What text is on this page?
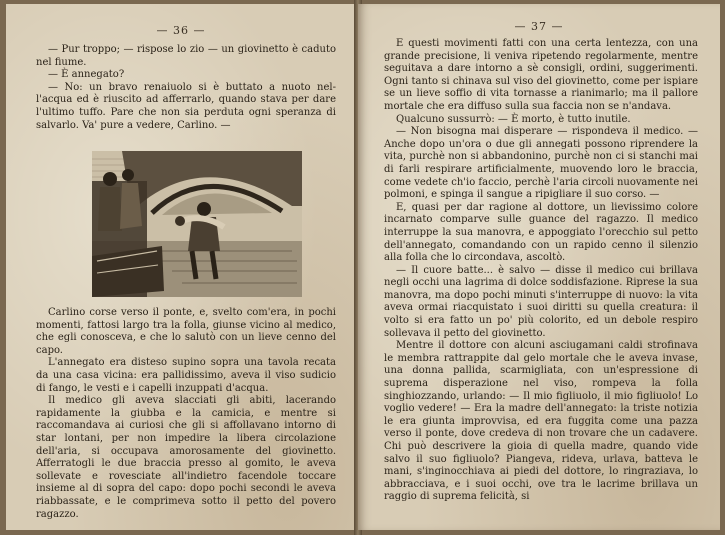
— 36 —

— Pur troppo; — rispose lo zio — un giovinetto è caduto nel fiume.

— È annegato?

— No: un bravo renaiuolo si è buttato a nuoto nel- l'acqua ed è riuscito ad afferrarlo, quando stava per dare l'ultimo tuffo. Pare che non sia perduta ogni speranza di salvarlo. Va' pure a vedere, Carlino. —

Carlino corse verso il ponte, e, svelto com'era, in pochi momenti, fattosi largo tra la folla, giunse vicino al medico, che egli conosceva, e che lo salutò con un lieve cenno del capo.

L'annegato era disteso supino sopra una tavola recata da una casa vicina: era pallidissimo, aveva il viso sudicio di fango, le vesti e i capelli inzuppati d'acqua.

Il medico gli aveva slacciati gli abiti, lacerando rapidamente la giubba e la camicia, e mentre si raccomandava ai curiosi che gli si affollavano intorno di star lontani, per non impedire la libera circolazione dell'aria, si occupava amorosamente del giovinetto. Afferratogli le due braccia presso al gomito, le aveva sollevate e rovesciate all'indietro facendole toccare insieme al di sopra del capo: dopo pochi secondi le aveva riabbassate, e le comprimeva sotto il petto del povero ragazzo.

— 37 —

E questi movimenti fatti con una certa lentezza, con una grande precisione, li veniva ripetendo regolarmente, mentre seguitava a dare intorno a sè consigli, ordini, suggerimenti. Ogni tanto si chinava sul viso del giovinetto, come per ispiare se un lieve soffio di vita tornasse a rianimarlo; ma il pallore mortale che era diffuso sulla sua faccia non se n'andava.

Qualcuno sussurrò: — È morto, è tutto inutile.

— Non bisogna mai disperare — rispondeva il medico. — Anche dopo un'ora o due gli annegati possono riprendere la vita, purchè non si abbandonino, purchè non ci si stanchi mai di farli respirare artificialmente, muovendo loro le braccia, come vedete ch'io faccio, perchè l'aria circoli nuovamente nei polmoni, e spinga il sangue a ripigliare il suo corso. —

E, quasi per dar ragione al dottore, un lievissimo colore incarnato comparve sulle guance del ragazzo. Il medico interruppe la sua manovra, e appoggiato l'orecchio sul petto dell'annegato, comandando con un rapido cenno il silenzio alla folla che lo circondava, ascoltò.

— Il cuore batte... è salvo — disse il medico cui brillava negli occhi una lagrima di dolce soddisfazione. Riprese la sua manovra, ma dopo pochi minuti s'interruppe di nuovo: la vita aveva ormai riacquistato i suoi diritti su quella creatura: il volto si era fatto un po' più colorito, ed un debole respiro sollevava il petto del giovinetto.

Mentre il dottore con alcuni asciugamani caldi strofinava le membra rattrappite dal gelo mortale che le aveva invase, una donna pallida, scarmigliata, con un'espressione di suprema disperazione nel viso, rompeva la folla singhiozzando, urlando: — Il mio figliuolo, il mio figliuolo! Lo voglio vedere! — Era la madre dell'annegato: la triste notizia le era giunta improvvisa, ed era fuggita come una pazza verso il ponte, dove credeva di non trovare che un cadavere. Chi può descrivere la gioia di quella madre, quando vide salvo il suo figliuolo? Piangeva, rideva, urlava, batteva le mani, s'inginocchiava ai piedi del dottore, lo ringraziava, lo abbracciava, e i suoi occhi, ove tra le lacrime brillava un raggio di suprema felicità, si
